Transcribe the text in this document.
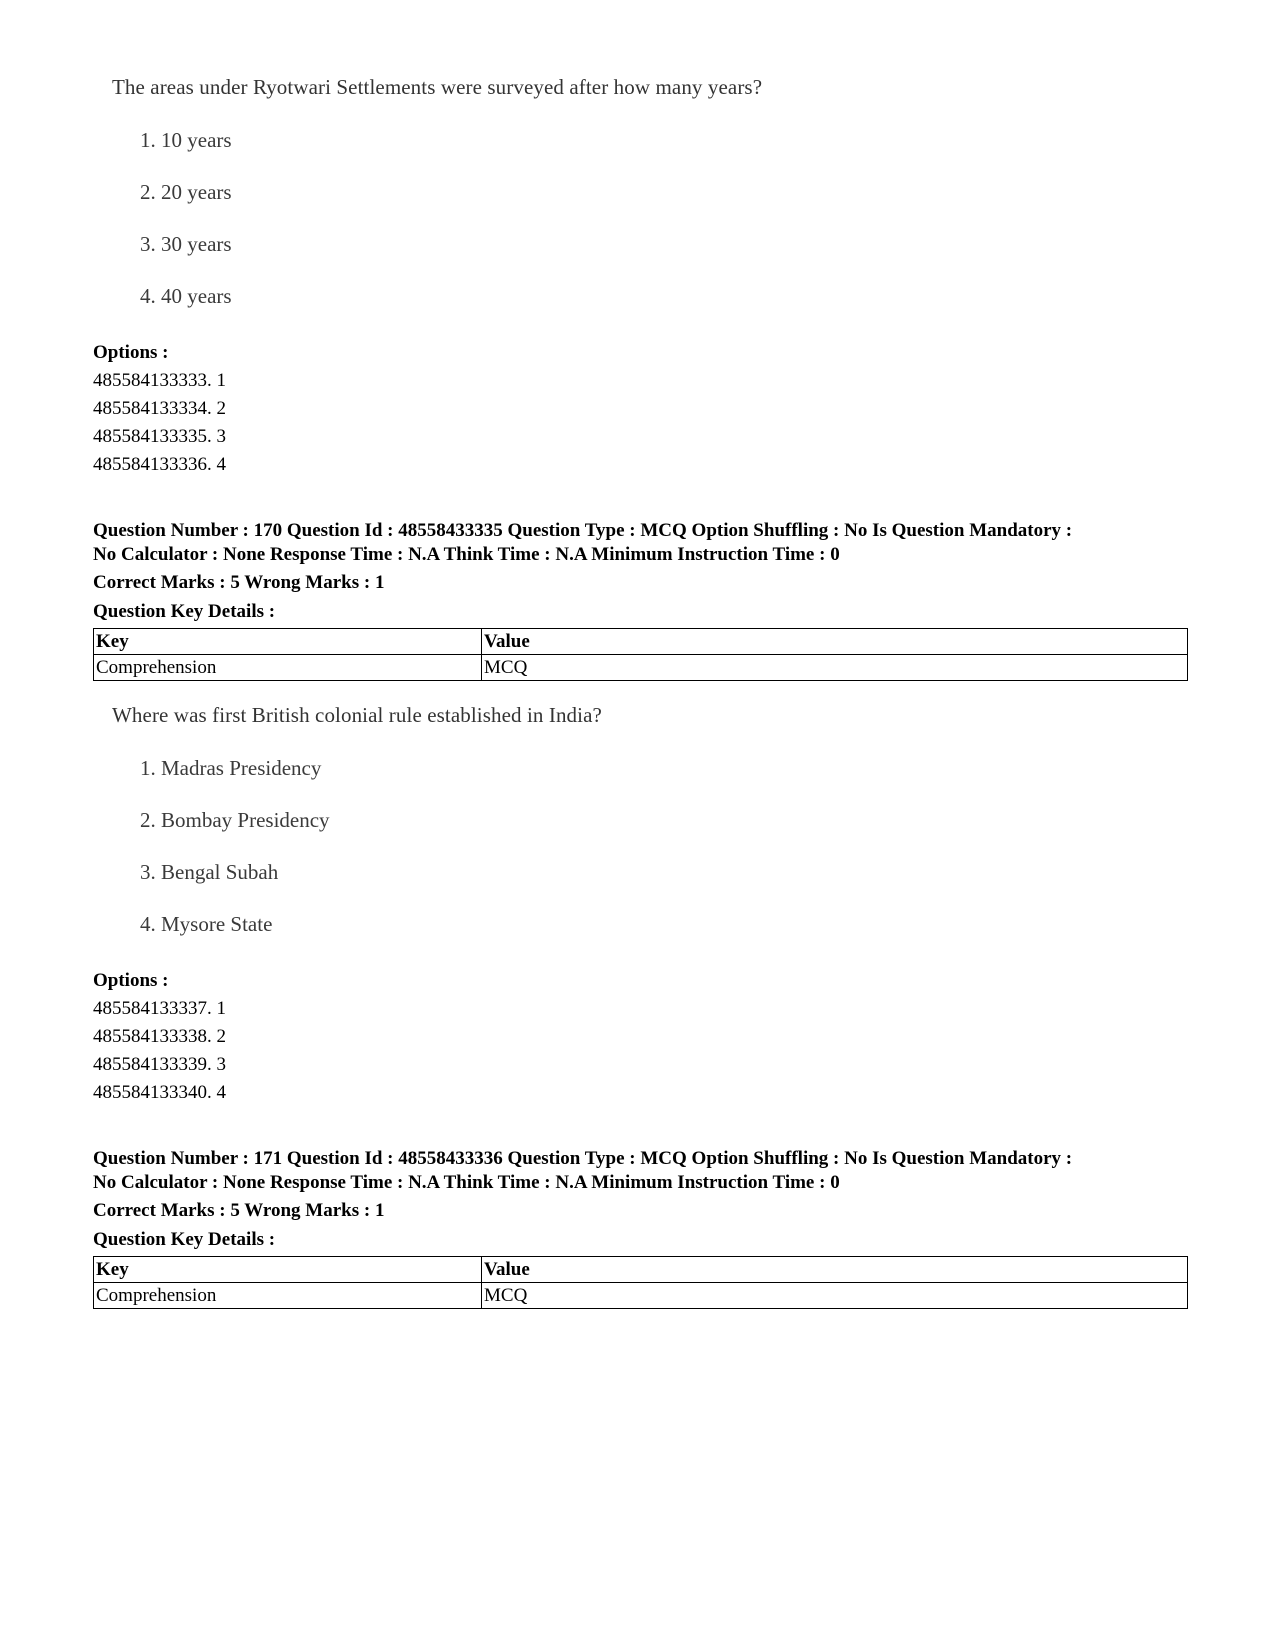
The areas under Ryotwari Settlements were surveyed after how many years?
1. 10 years
2. 20 years
3. 30 years
4. 40 years
Options :
485584133333. 1
485584133334. 2
485584133335. 3
485584133336. 4
Question Number : 170 Question Id : 48558433335 Question Type : MCQ Option Shuffling : No Is Question Mandatory :
No Calculator : None Response Time : N.A Think Time : N.A Minimum Instruction Time : 0
Correct Marks : 5 Wrong Marks : 1
Question Key Details :
Key	Value
Comprehension	MCQ
Where was first British colonial rule established in India?
1. Madras Presidency
2. Bombay Presidency
3. Bengal Subah
4. Mysore State
Options :
485584133337. 1
485584133338. 2
485584133339. 3
485584133340. 4
Question Number : 171 Question Id : 48558433336 Question Type : MCQ Option Shuffling : No Is Question Mandatory :
No Calculator : None Response Time : N.A Think Time : N.A Minimum Instruction Time : 0
Correct Marks : 5 Wrong Marks : 1
Question Key Details :
Key	Value
Comprehension	MCQ
